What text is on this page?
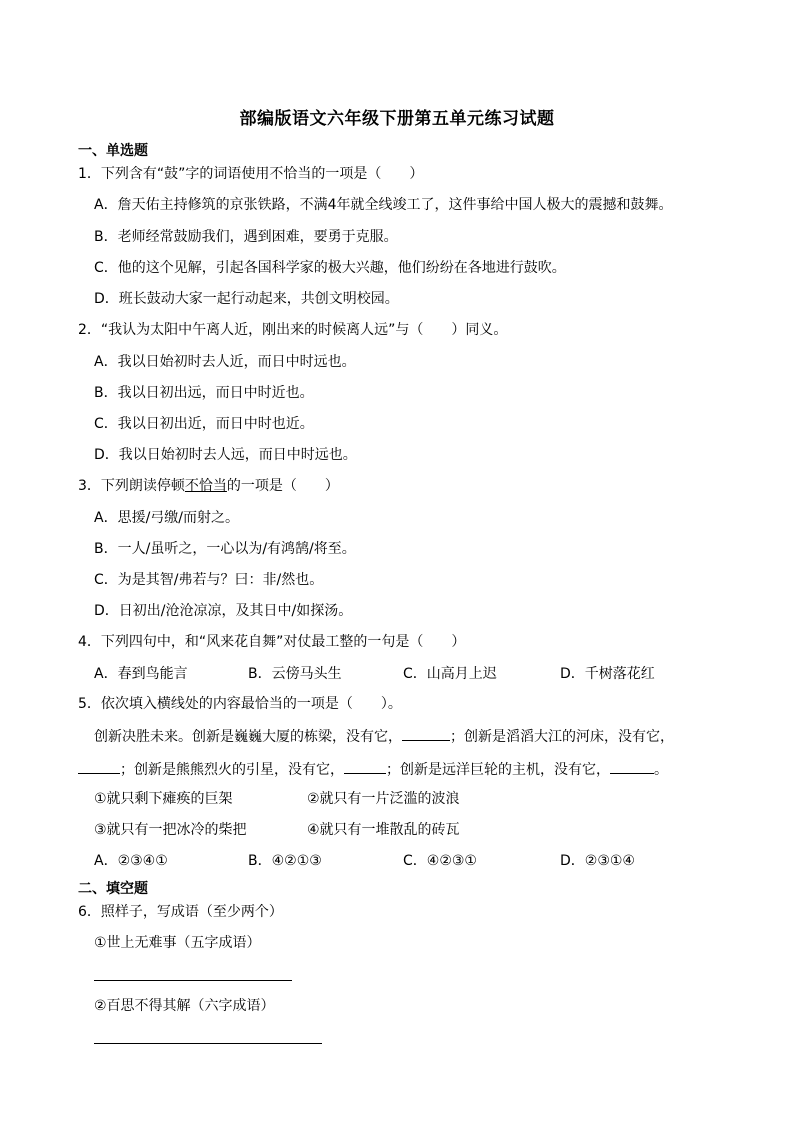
部编版语文六年级下册第五单元练习试题
一、单选题
1．下列含有“鼓”字的词语使用不恰当的一项是（　　）
A．詹天佑主持修筑的京张铁路，不满4年就全线竣工了，这件事给中国人极大的震撼和鼓舞。
B．老师经常鼓励我们，遇到困难，要勇于克服。
C．他的这个见解，引起各国科学家的极大兴趣，他们纷纷在各地进行鼓吹。
D．班长鼓动大家一起行动起来，共创文明校园。
2．“我认为太阳中午离人近，刚出来的时候离人远”与（　　）同义。
A．我以日始初时去人近，而日中时远也。
B．我以日初出远，而日中时近也。
C．我以日初出近，而日中时也近。
D．我以日始初时去人远，而日中时远也。
3．下列朗读停顿不恰当的一项是（　　）
A．思援/弓缴/而射之。
B．一人/虽听之，一心以为/有鸿鹄/将至。
C．为是其智/弗若与？曰：非/然也。
D．日初出/沧沧凉凉，及其日中/如探汤。
4．下列四句中，和“风来花自舞”对仗最工整的一句是（　　）
A．春到鸟能言	B．云傍马头生	C．山高月上迟	D．千树落花红
5．依次填入横线处的内容最恰当的一项是（　　）。
创新决胜未来。创新是巍巍大厦的栋梁，没有它，	；创新是滔滔大江的河床，没有它，
；创新是熊熊烈火的引星，没有它，	；创新是远洋巨轮的主机，没有它，	。
①就只剩下瘫痪的巨架	②就只有一片泛滥的波浪
③就只有一把冰冷的柴把	④就只有一堆散乱的砖瓦
A．②③④①	B．④②①③	C．④②③①	D．②③①④
二、填空题
6．照样子，写成语（至少两个）
①世上无难事（五字成语）
②百思不得其解（六字成语）
